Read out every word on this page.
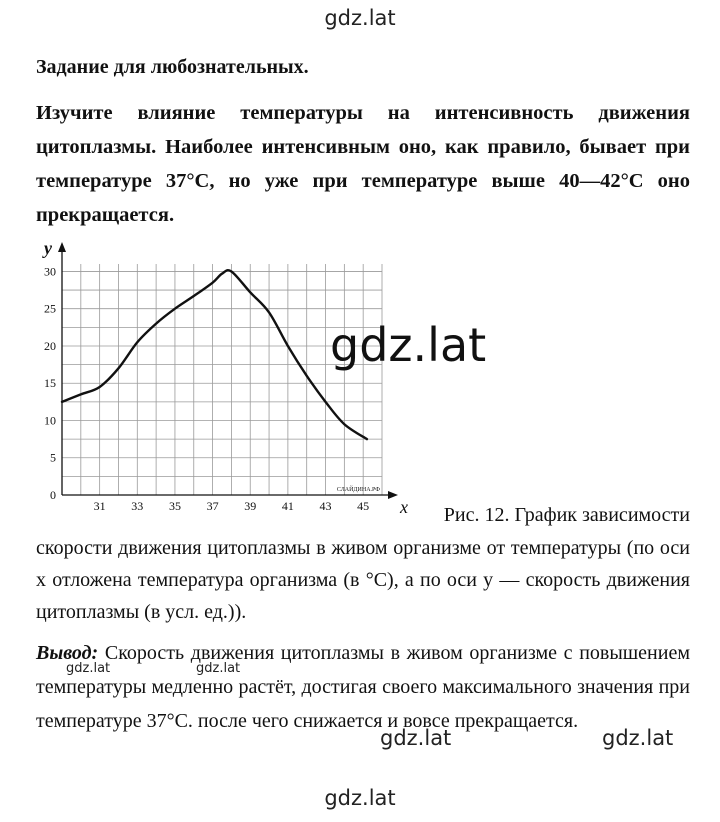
gdz.lat
Задание для любознательных.
Изучите влияние температуры на интенсивность движения цитоплазмы. Наиболее интенсивным оно, как правило, бывает при температуре 37°С, но уже при температуре выше 40—42°С оно прекращается.
x
y
31 33 35 37 39 41 43 45
0
5
10
15
20
25
30
СЛАЙДИНА.РФ
gdz.lat
Рис. 12. График зависимости
скорости движения цитоплазмы в живом организме от температуры (по оси x отложена температура организма (в °С), а по оси y — скорость движения цитоплазмы (в усл. ед.)).
Вывод: Скорость движения цитоплазмы в живом организме с повышением температуры медленно растёт, достигая своего максимального значения при температуре 37°С. после чего снижается и вовсе прекращается.
gdz.lat	gdz.lat
gdz.lat	gdz.lat
gdz.lat
